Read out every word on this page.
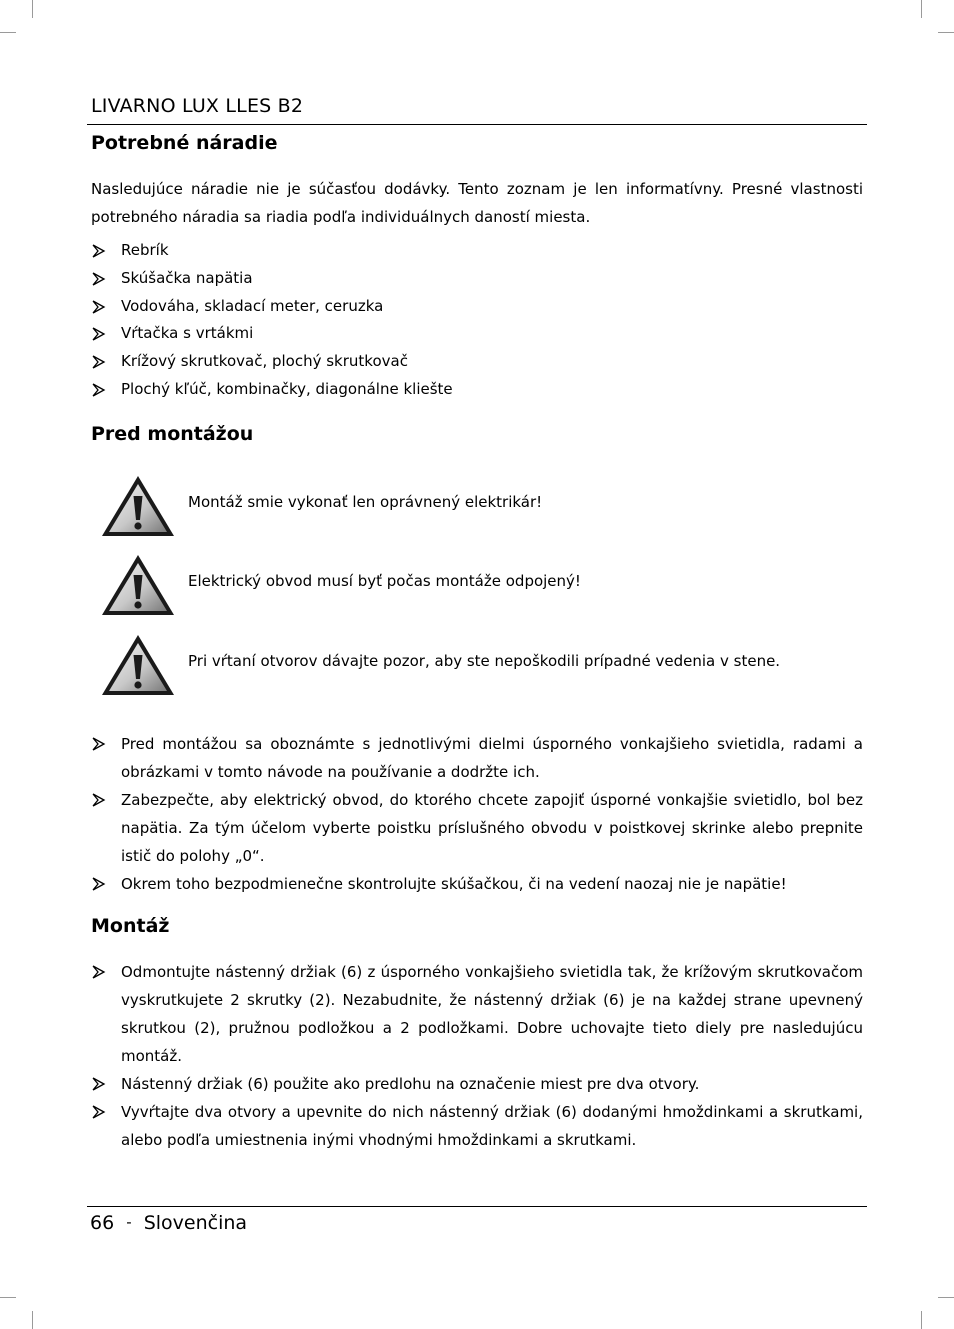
LIVARNO LUX LLES B2
Potrebné náradie
Nasledujúce náradie nie je súčasťou dodávky. Tento zoznam je len informatívny. Presné vlastnosti potrebného náradia sa riadia podľa individuálnych daností miesta.
Rebrík
Skúšačka napätia
Vodováha, skladací meter, ceruzka
Vŕtačka s vrtákmi
Krížový skrutkovač, plochý skrutkovač
Plochý kľúč, kombinačky, diagonálne kliešte
Pred montážou
Montáž smie vykonať len oprávnený elektrikár!
Elektrický obvod musí byť počas montáže odpojený!
Pri vŕtaní otvorov dávajte pozor, aby ste nepoškodili prípadné vedenia v stene.
Pred montážou sa oboznámte s jednotlivými dielmi úsporného vonkajšieho svietidla, radami a obrázkami v tomto návode na používanie a dodržte ich.
Zabezpečte, aby elektrický obvod, do ktorého chcete zapojiť úsporné vonkajšie svietidlo, bol bez napätia. Za tým účelom vyberte poistku príslušného obvodu v poistkovej skrinke alebo prepnite istič do polohy „0“.
Okrem toho bezpodmienečne skontrolujte skúšačkou, či na vedení naozaj nie je napätie!
Montáž
Odmontujte nástenný držiak (6) z úsporného vonkajšieho svietidla tak, že krížovým skrutkovačom vyskrutkujete 2 skrutky (2). Nezabudnite, že nástenný držiak (6) je na každej strane upevnený skrutkou (2), pružnou podložkou a 2 podložkami. Dobre uchovajte tieto diely pre nasledujúcu montáž.
Nástenný držiak (6) použite ako predlohu na označenie miest pre dva otvory.
Vyvŕtajte dva otvory a upevnite do nich nástenný držiak (6) dodanými hmoždinkami a skrutkami, alebo podľa umiestnenia inými vhodnými hmoždinkami a skrutkami.
66 - Slovenčina
